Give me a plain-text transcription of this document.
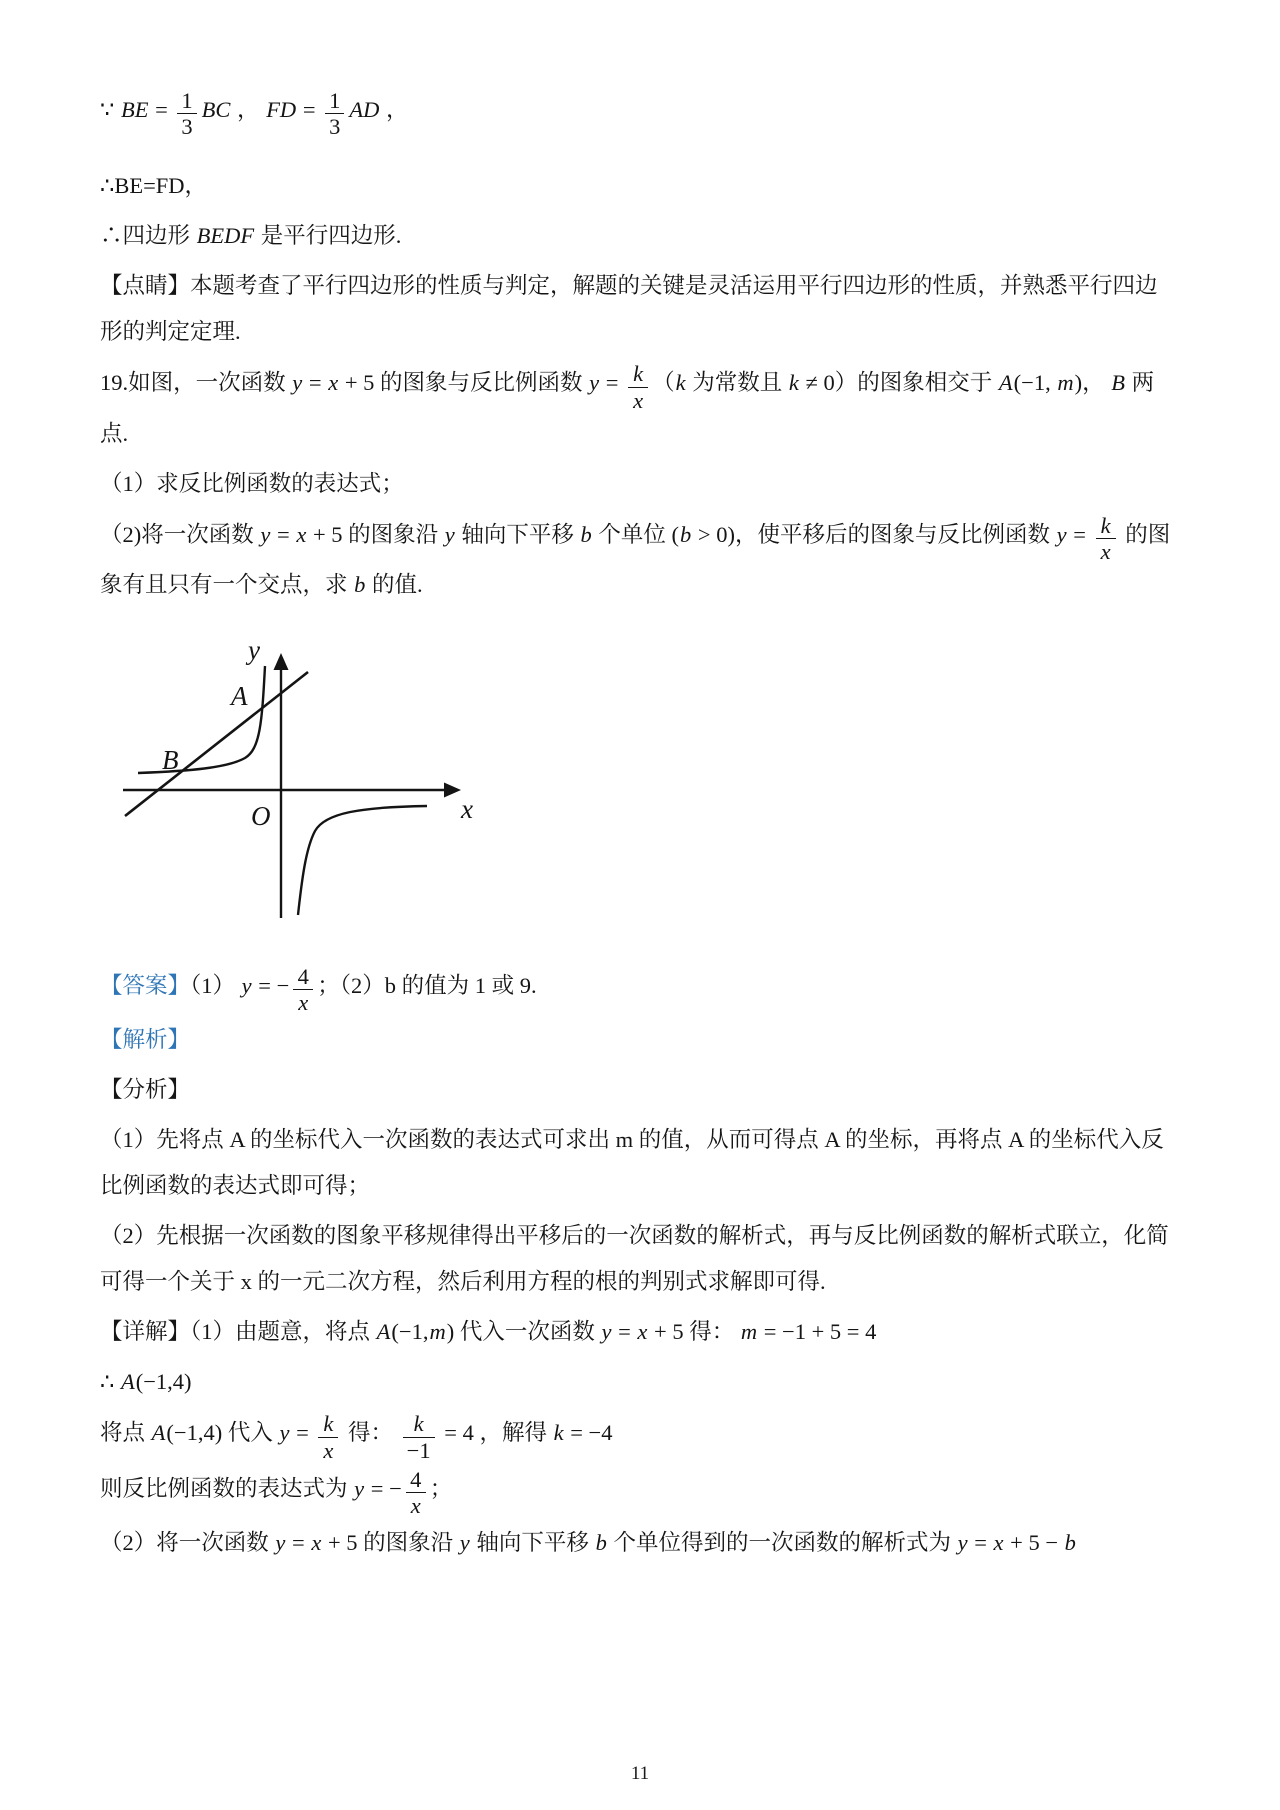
∵ BE = $\frac{1}{3}$ BC ， FD = $\frac{1}{3}$ AD ，

∴BE=FD，

∴四边形 BEDF 是平行四边形.

【点睛】本题考查了平行四边形的性质与判定，解题的关键是灵活运用平行四边形的性质，并熟悉平行四边形的判定定理.

19.如图，一次函数 y = x + 5 的图象与反比例函数 $y = \frac{k}{x} (k$ 为常数且 k ≠ 0）的图象相交于 A(−1, m)， B 两点.

（1）求反比例函数的表达式；

（2)将一次函数 y = x + 5 的图象沿 y 轴向下平移 b 个单位 (b > 0)，使平移后的图象与反比例函数 $y = \frac{k}{x}$ 的图象有且只有一个交点，求 b 的值.

y
x
O
A
B

【答案】（1） y = − $\frac{4}{x}$ ；（2）b 的值为 1 或 9.

【解析】

【分析】

（1）先将点 A 的坐标代入一次函数的表达式可求出 m 的值，从而可得点 A 的坐标，再将点 A 的坐标代入反比例函数的表达式即可得；

（2）先根据一次函数的图象平移规律得出平移后的一次函数的解析式，再与反比例函数的解析式联立，化简可得一个关于 x 的一元二次方程，然后利用方程的根的判别式求解即可得.

【详解】（1）由题意，将点 A(−1,m) 代入一次函数 y = x + 5 得： m = −1 + 5 = 4

∴ A(−1,4)

将点 A(−1,4) 代入 $y = \frac{k}{x}$ 得： $\frac{k}{-1} = 4$ ，解得 k = −4

则反比例函数的表达式为 y = − $\frac{4}{x}$ ；

（2）将一次函数 y = x + 5 的图象沿 y 轴向下平移 b 个单位得到的一次函数的解析式为 y = x + 5 − b

11
